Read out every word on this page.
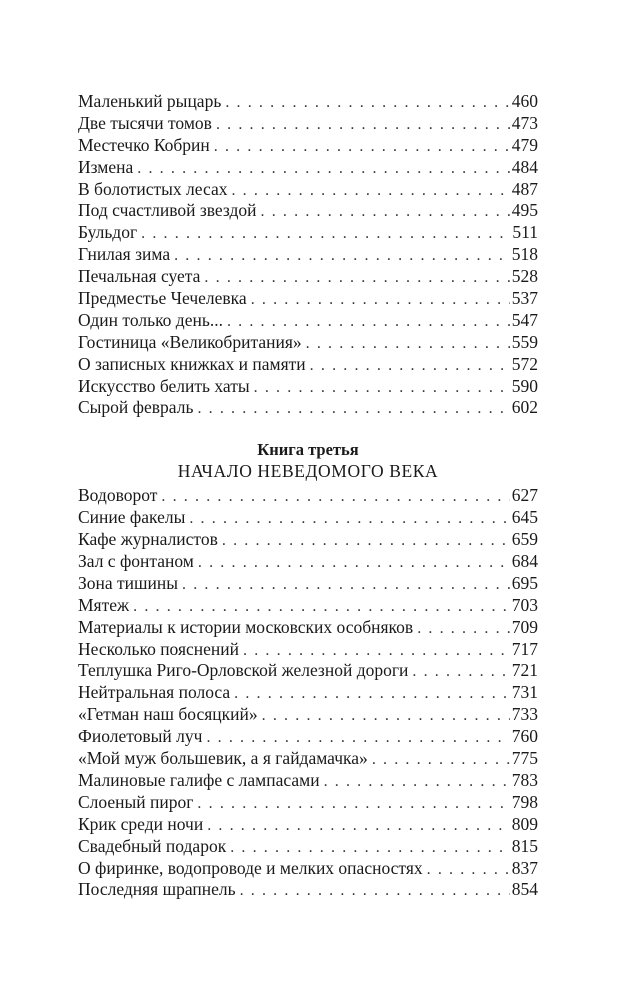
Маленький рыцарь . . .	460
Две тысячи томов . . .	473
Местечко Кобрин . . .	479
Измена . . .	484
В болотистых лесах . . .	487
Под счастливой звездой . . .	495
Бульдог . . .	511
Гнилая зима . . .	518
Печальная суета . . .	528
Предместье Чечелевка . . .	537
Один только день... . . .	547
Гостиница «Великобритания» . . .	559
О записных книжках и памяти . . .	572
Искусство белить хаты . . .	590
Сырой февраль . . .	602
Книга третья
НАЧАЛО НЕВЕДОМОГО ВЕКА
Водоворот . . .	627
Синие факелы . . .	645
Кафе журналистов . . .	659
Зал с фонтаном . . .	684
Зона тишины . . .	695
Мятеж . . .	703
Материалы к истории московских особняков . . .	709
Несколько пояснений . . .	717
Теплушка Риго-Орловской железной дороги . . .	721
Нейтральная полоса . . .	731
«Гетман наш босяцкий» . . .	733
Фиолетовый луч . . .	760
«Мой муж большевик, а я гайдамачка» . . .	775
Малиновые галифе с лампасами . . .	783
Слоеный пирог . . .	798
Крик среди ночи . . .	809
Свадебный подарок . . .	815
О фиринке, водопроводе и мелких опасностях . . .	837
Последняя шрапнель . . .	854
